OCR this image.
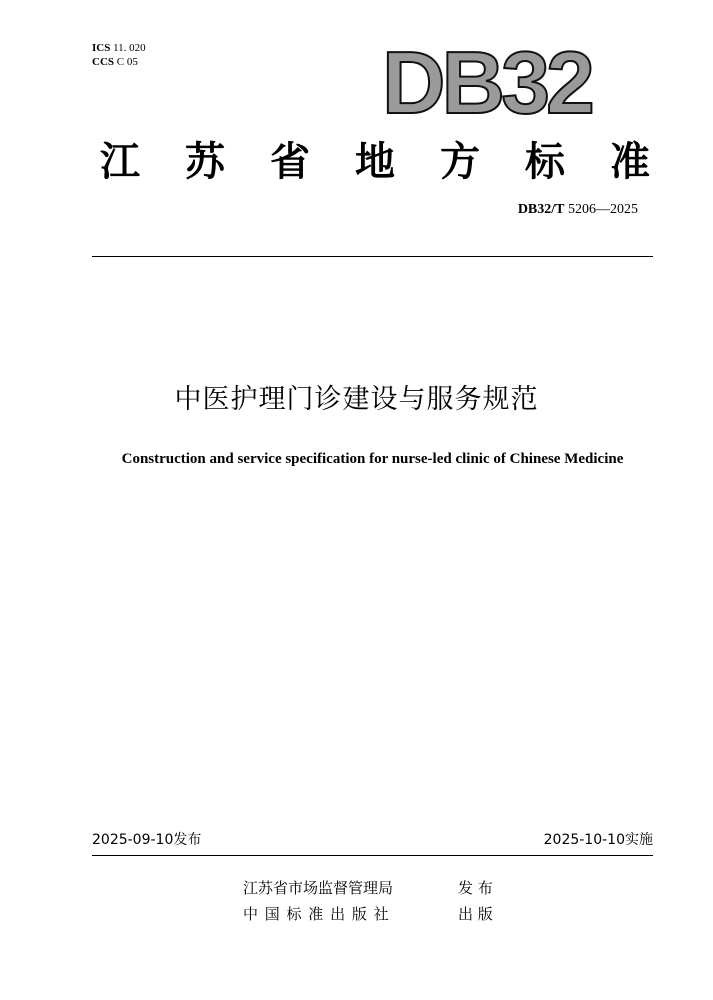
ICS 11. 020
CCS C 05	DB32
江 苏 省 地 方 标 准
DB32/T 5206—2025
中医护理门诊建设与服务规范
Construction and service specification for nurse-led clinic of Chinese Medicine
2025-09-10发布	2025-10-10实施
江苏省市场监督管理局	发 布
中 国 标 准 出 版 社	出 版
